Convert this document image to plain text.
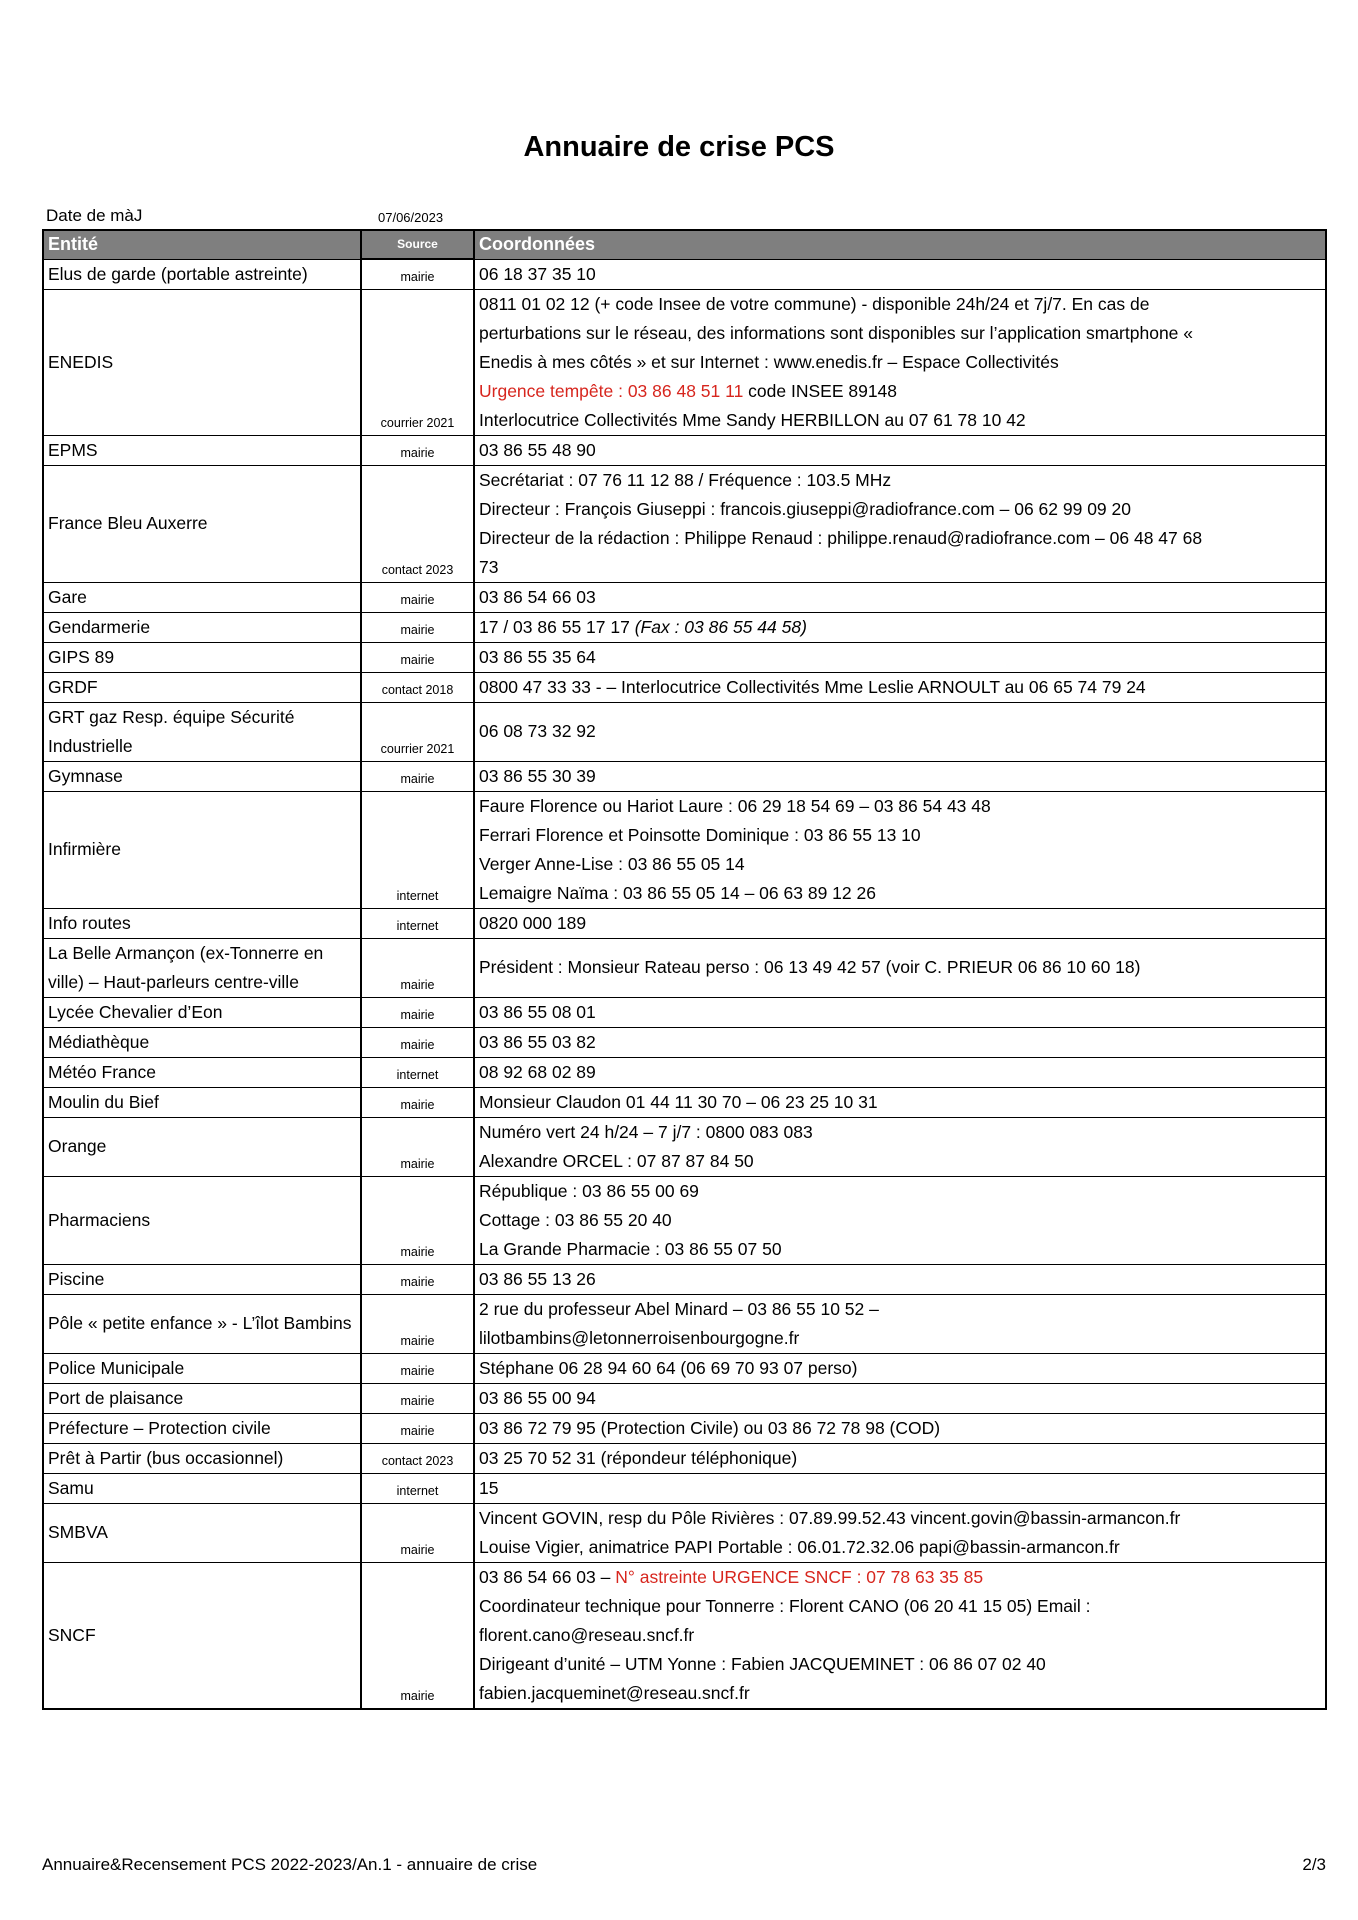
Annuaire de crise PCS
Date de màJ	07/06/2023
Entité	Source	Coordonnées
Elus de garde (portable astreinte)	mairie	06 18 37 35 10

ENEDIS	courrier 2021	0811 01 02 12 (+ code Insee de votre commune) - disponible 24h/24 et 7j/7. En cas de
perturbations sur le réseau, des informations sont disponibles sur l’application smartphone «
Enedis à mes côtés » et sur Internet : www.enedis.fr – Espace Collectivités
Urgence tempête : 03 86 48 51 11 code INSEE 89148
Interlocutrice Collectivités Mme Sandy HERBILLON au 07 61 78 10 42

EPMS	mairie	03 86 55 48 90

France Bleu Auxerre	contact 2023	Secrétariat : 07 76 11 12 88 / Fréquence : 103.5 MHz
Directeur : François Giuseppi : francois.giuseppi@radiofrance.com – 06 62 99 09 20
Directeur de la rédaction : Philippe Renaud : philippe.renaud@radiofrance.com – 06 48 47 68
73

Gare	mairie	03 86 54 66 03

Gendarmerie	mairie	17 / 03 86 55 17 17 (Fax : 03 86 55 44 58)

GIPS 89	mairie	03 86 55 35 64

GRDF	contact 2018	0800 47 33 33 - – Interlocutrice Collectivités Mme Leslie ARNOULT au 06 65 74 79 24

GRT gaz Resp. équipe Sécurité Industrielle	courrier 2021	06 08 73 32 92

Gymnase	mairie	03 86 55 30 39

Infirmière	internet	Faure Florence ou Hariot Laure : 06 29 18 54 69 – 03 86 54 43 48
Ferrari Florence et Poinsotte Dominique : 03 86 55 13 10
Verger Anne-Lise : 03 86 55 05 14
Lemaigre Naïma : 03 86 55 05 14 – 06 63 89 12 26

Info routes	internet	0820 000 189

La Belle Armançon (ex-Tonnerre en ville) – Haut-parleurs centre-ville	mairie	Président : Monsieur Rateau perso : 06 13 49 42 57 (voir C. PRIEUR 06 86 10 60 18)

Lycée Chevalier d’Eon	mairie	03 86 55 08 01

Médiathèque	mairie	03 86 55 03 82

Météo France	internet	08 92 68 02 89

Moulin du Bief	mairie	Monsieur Claudon 01 44 11 30 70 – 06 23 25 10 31

Orange	mairie	Numéro vert 24 h/24 – 7 j/7 : 0800 083 083
Alexandre ORCEL : 07 87 87 84 50

Pharmaciens	mairie	République : 03 86 55 00 69
Cottage : 03 86 55 20 40
La Grande Pharmacie : 03 86 55 07 50

Piscine	mairie	03 86 55 13 26

Pôle « petite enfance » - L’îlot Bambins	mairie	2 rue du professeur Abel Minard – 03 86 55 10 52 –
lilotbambins@letonnerroisenbourgogne.fr

Police Municipale	mairie	Stéphane 06 28 94 60 64 (06 69 70 93 07 perso)

Port de plaisance	mairie	03 86 55 00 94

Préfecture – Protection civile	mairie	03 86 72 79 95 (Protection Civile) ou 03 86 72 78 98 (COD)

Prêt à Partir (bus occasionnel)	contact 2023	03 25 70 52 31 (répondeur téléphonique)

Samu	internet	15

SMBVA	mairie	Vincent GOVIN, resp du Pôle Rivières : 07.89.99.52.43 vincent.govin@bassin-armancon.fr
Louise Vigier, animatrice PAPI Portable : 06.01.72.32.06 papi@bassin-armancon.fr

SNCF	mairie	03 86 54 66 03 – N° astreinte URGENCE SNCF : 07 78 63 35 85
Coordinateur technique pour Tonnerre : Florent CANO (06 20 41 15 05) Email :
florent.cano@reseau.sncf.fr
Dirigeant d’unité – UTM Yonne : Fabien JACQUEMINET : 06 86 07 02 40
fabien.jacqueminet@reseau.sncf.fr
Annuaire&Recensement PCS 2022-2023/An.1 - annuaire de crise	2/3
